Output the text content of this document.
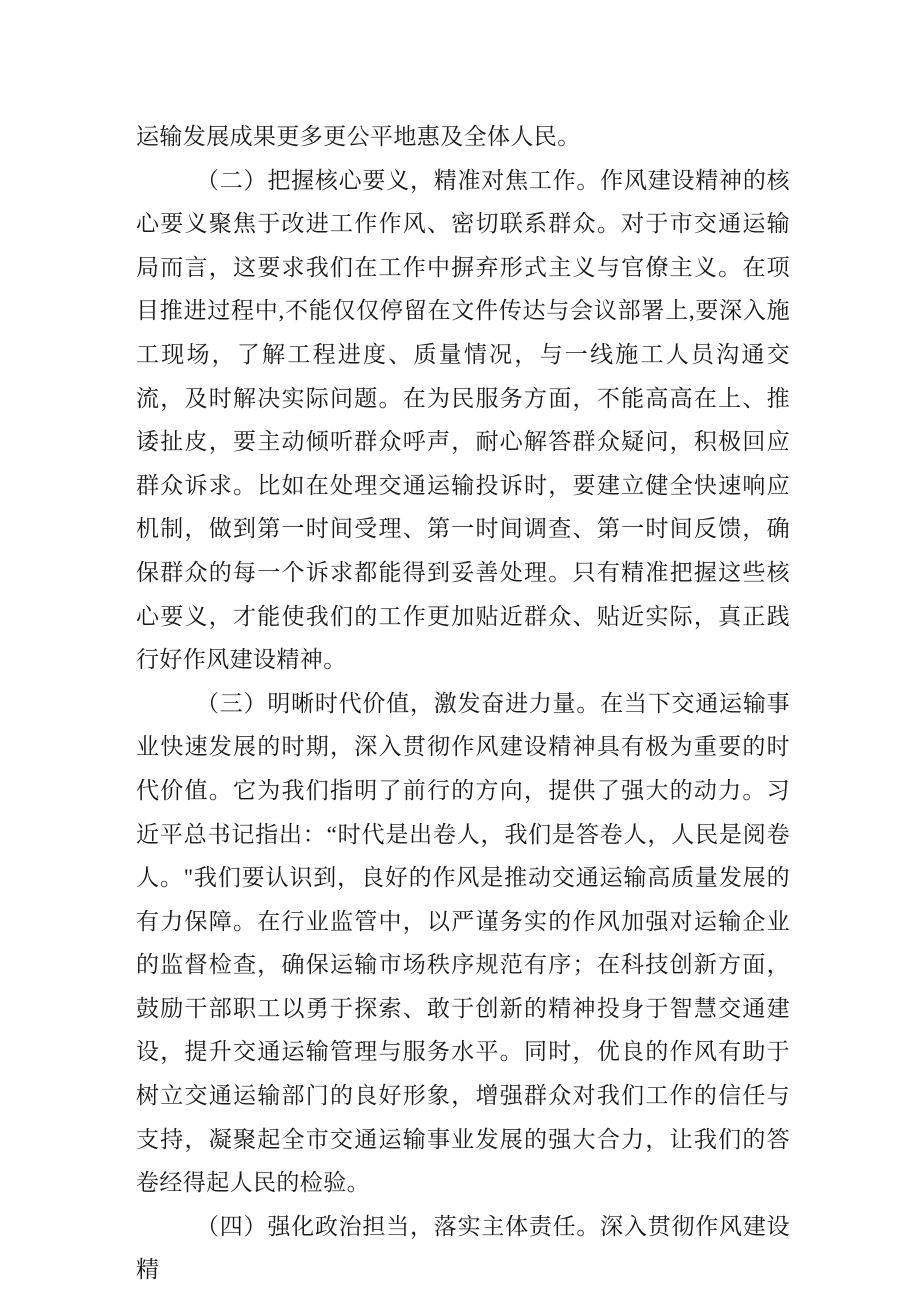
运输发展成果更多更公平地惠及全体人民。

（二）把握核心要义，精准对焦工作。作风建设精神的核心要义聚焦于改进工作作风、密切联系群众。对于市交通运输局而言，这要求我们在工作中摒弃形式主义与官僚主义。在项目推进过程中,不能仅仅停留在文件传达与会议部署上,要深入施工现场，了解工程进度、质量情况，与一线施工人员沟通交流，及时解决实际问题。在为民服务方面，不能高高在上、推诿扯皮，要主动倾听群众呼声，耐心解答群众疑问，积极回应群众诉求。比如在处理交通运输投诉时，要建立健全快速响应机制，做到第一时间受理、第一时间调查、第一时间反馈，确保群众的每一个诉求都能得到妥善处理。只有精准把握这些核心要义，才能使我们的工作更加贴近群众、贴近实际，真正践行好作风建设精神。

（三）明晰时代价值，激发奋进力量。在当下交通运输事业快速发展的时期，深入贯彻作风建设精神具有极为重要的时代价值。它为我们指明了前行的方向，提供了强大的动力。习近平总书记指出：“时代是出卷人，我们是答卷人，人民是阅卷人。"我们要认识到，良好的作风是推动交通运输高质量发展的有力保障。在行业监管中，以严谨务实的作风加强对运输企业的监督检查，确保运输市场秩序规范有序；在科技创新方面，鼓励干部职工以勇于探索、敢于创新的精神投身于智慧交通建设，提升交通运输管理与服务水平。同时，优良的作风有助于树立交通运输部门的良好形象，增强群众对我们工作的信任与支持，凝聚起全市交通运输事业发展的强大合力，让我们的答卷经得起人民的检验。

（四）强化政治担当，落实主体责任。深入贯彻作风建设精
